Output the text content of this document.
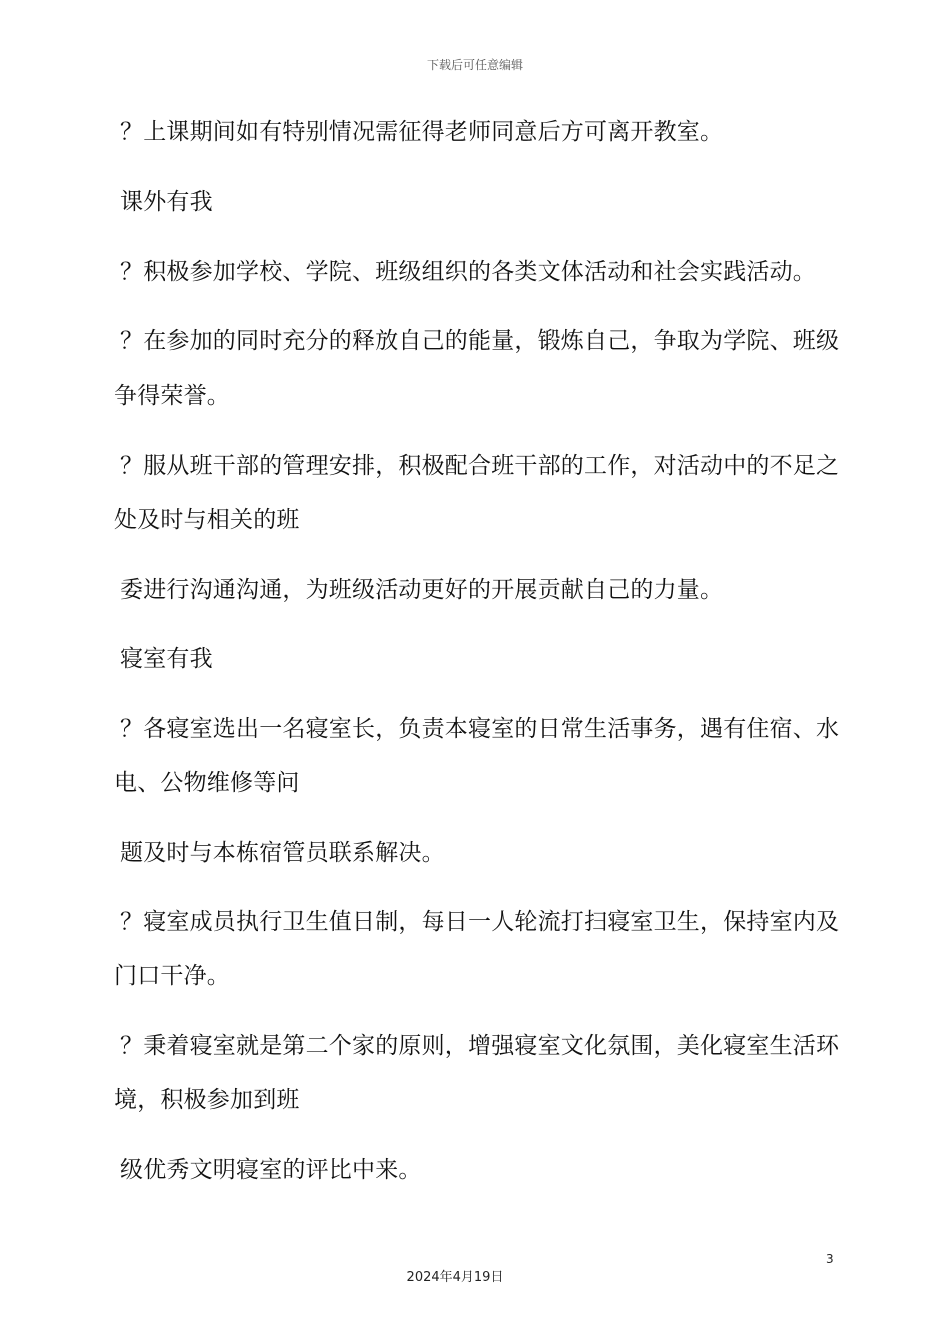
下载后可任意编辑
？上课期间如有特别情况需征得老师同意后方可离开教室。
课外有我
？积极参加学校、学院、班级组织的各类文体活动和社会实践活动。
？在参加的同时充分的释放自己的能量，锻炼自己，争取为学院、班级
争得荣誉。
？服从班干部的管理安排，积极配合班干部的工作，对活动中的不足之
处及时与相关的班
委进行沟通沟通，为班级活动更好的开展贡献自己的力量。
寝室有我
？各寝室选出一名寝室长，负责本寝室的日常生活事务，遇有住宿、水
电、公物维修等问
题及时与本栋宿管员联系解决。
？寝室成员执行卫生值日制，每日一人轮流打扫寝室卫生，保持室内及
门口干净。
？秉着寝室就是第二个家的原则，增强寝室文化氛围，美化寝室生活环
境，积极参加到班
级优秀文明寝室的评比中来。
3
2024年4月19日
